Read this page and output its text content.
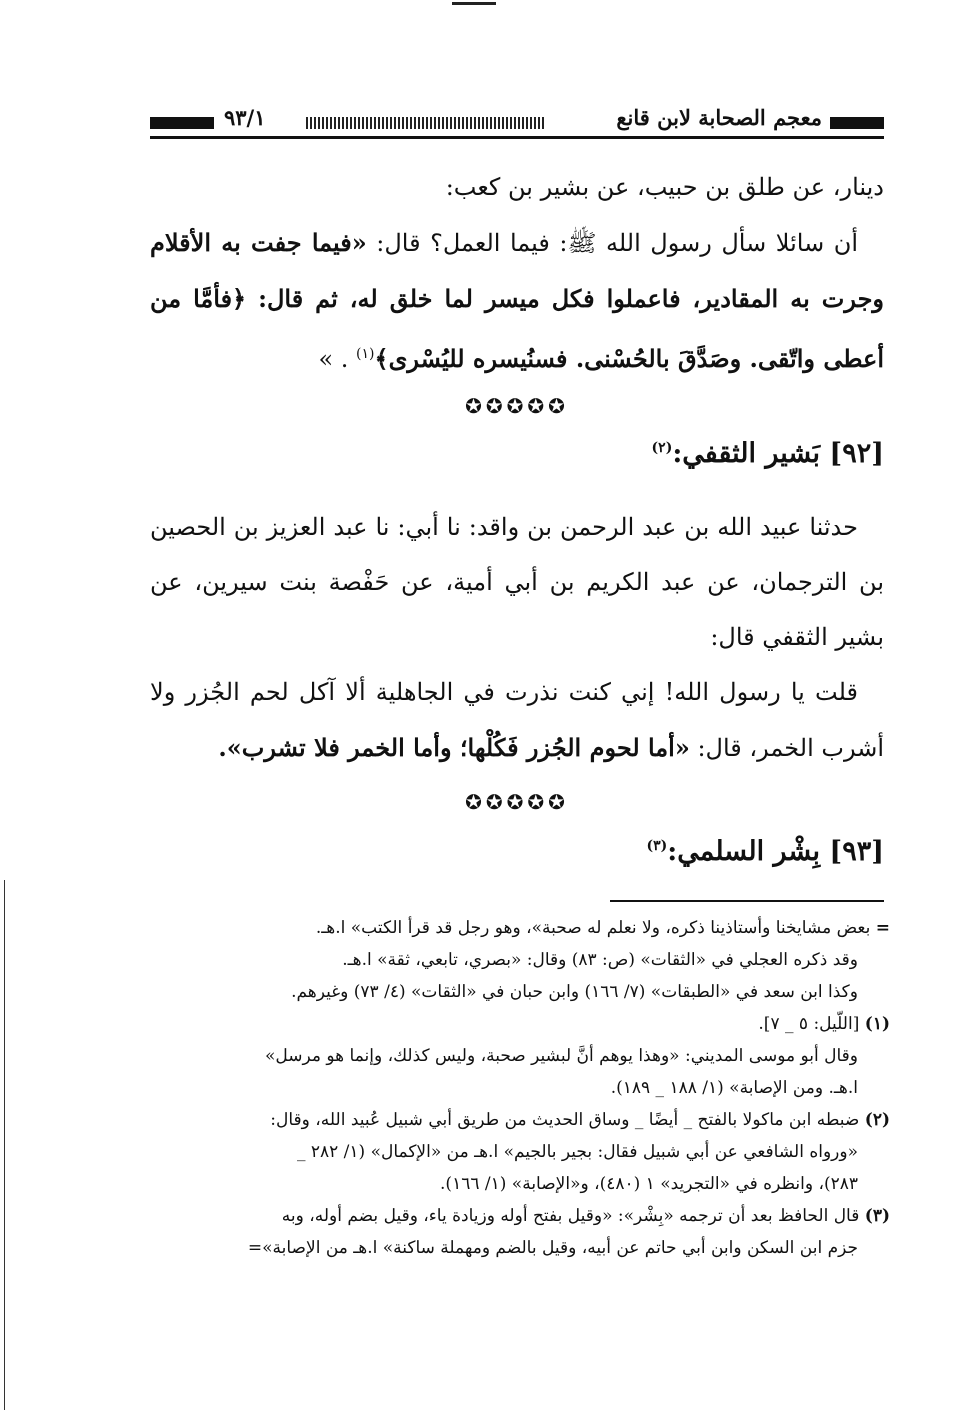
معجم الصحابة لابن قانع
٩٣/١

دينار، عن طلق بن حبيب، عن بشير بن كعب:

أن سائلا سأل رسول الله ﷺ: فيما العمل؟ قال: «فيما جفت به الأقلام وجرت به المقادير، فاعملوا فكل ميسر لما خلق له، ثم قال: ﴿فأمَّا من أعطى واتّقى. وصَدَّقَ بالحُسْنى. فسنُيسره لليُسْرى﴾$^{(١)}$ . »

✪✪✪✪✪
[٩٢] بَشير الثقفي:$^{(٢)}$

حدثنا عبيد الله بن عبد الرحمن بن واقد: نا أبي: نا عبد العزيز بن الحصين بن الترجمان، عن عبد الكريم بن أبي أمية، عن حَفْصة بنت سيرين، عن بشير الثقفي قال:

قلت يا رسول الله! إني كنت نذرت في الجاهلية ألا آكل لحم الجُزر ولا أشرب الخمر، قال: «أما لحوم الجُزر فَكُلْها؛ وأما الخمر فلا تشرب».

✪✪✪✪✪
[٩٣] بِشْر السلمي:$^{(٣)}$

= بعض مشايخنا وأستاذينا ذكره، ولا نعلم له صحبة»، وهو رجل قد قرأ الكتب» ا.هـ.

وقد ذكره العجلي في «الثقات» (ص: ٨٣) وقال: «بصري، تابعي، ثقة» ا.هـ.

وكذا ابن سعد في «الطبقات» (٧/ ١٦٦) وابن حبان في «الثقات» (٤/ ٧٣) وغيرهم.

(١) [اللّيل: ٥ _ ٧].

وقال أبو موسى المديني: «وهذا يوهم أنَّ لبشير صحبة، وليس كذلك، وإنما هو مرسل»

ا.هـ. ومن الإصابة» (١/ ١٨٨ _ ١٨٩).

(٢) ضبطه ابن ماكولا بالفتح _ أيضًا _ وساق الحديث من طريق أبي شبيل عُبيد الله، وقال:

«ورواه الشافعي عن أبي شبيل فقال: بجير بالجيم» ا.هـ من «الإكمال» (١/ ٢٨٢ _

٢٨٣)، وانظره في «التجريد» ١ (٤٨٠)، و«الإصابة» (١/ ١٦٦).

(٣) قال الحافظ بعد أن ترجمه «بِشْر»: «وقيل بفتح أوله وزيادة ياء، وقيل بضم أوله، وبه

جزم ابن السكن وابن أبي حاتم عن أبيه، وقيل بالضم ومهملة ساكنة» ا.هـ من الإصابة»=
